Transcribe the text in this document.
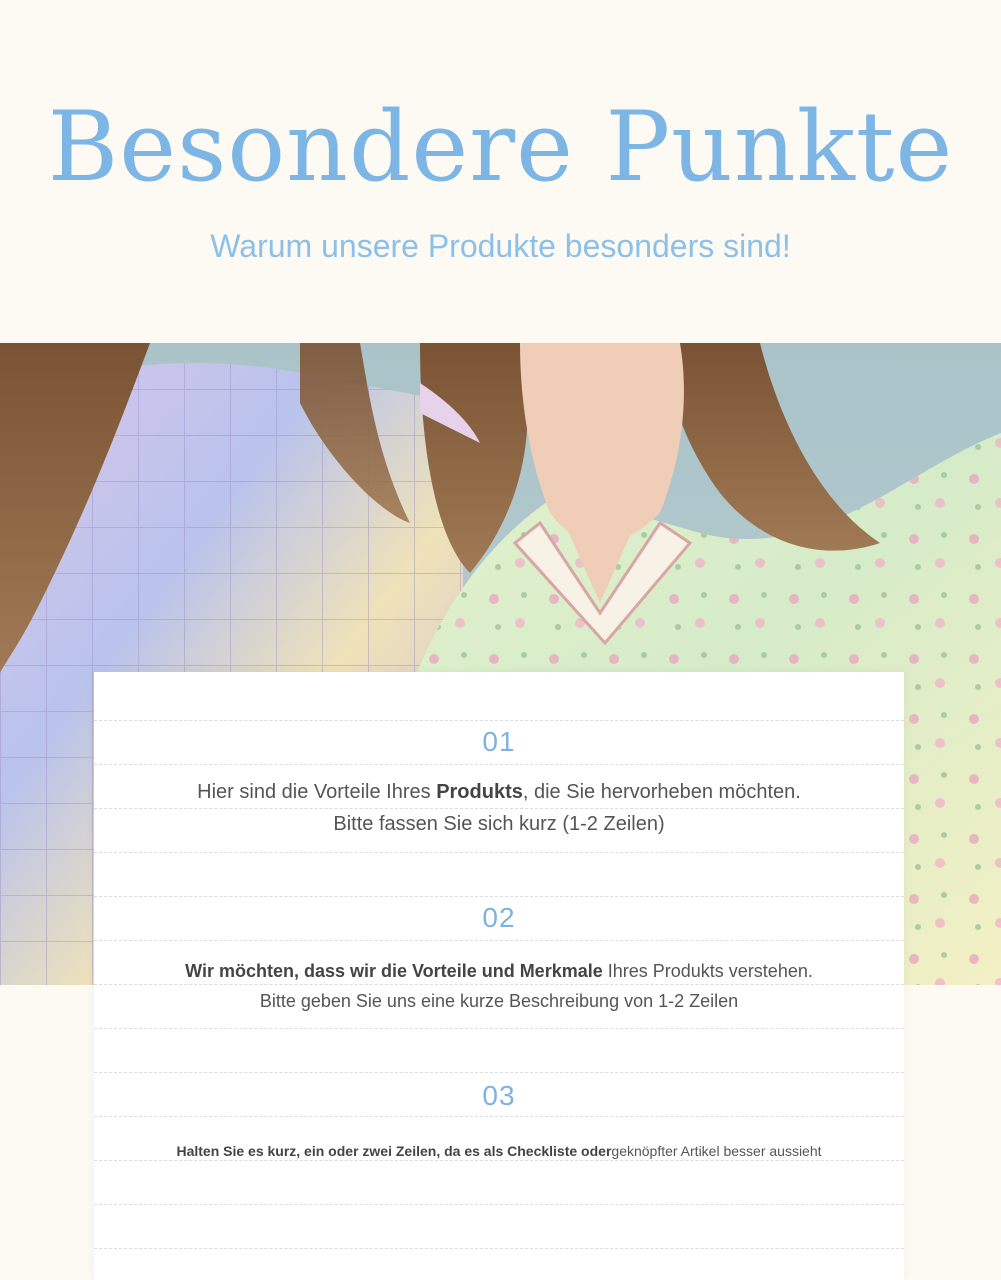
Besondere Punkte

Warum unsere Produkte besonders sind!

01
Hier sind die Vorteile Ihres Produkts, die Sie hervorheben möchten.
Bitte fassen Sie sich kurz (1-2 Zeilen)
02
Wir möchten, dass wir die Vorteile und Merkmale Ihres Produkts verstehen.
Bitte geben Sie uns eine kurze Beschreibung von 1-2 Zeilen
03
Halten Sie es kurz, ein oder zwei Zeilen, da es als Checkliste odergeknöpfter Artikel besser aussieht
